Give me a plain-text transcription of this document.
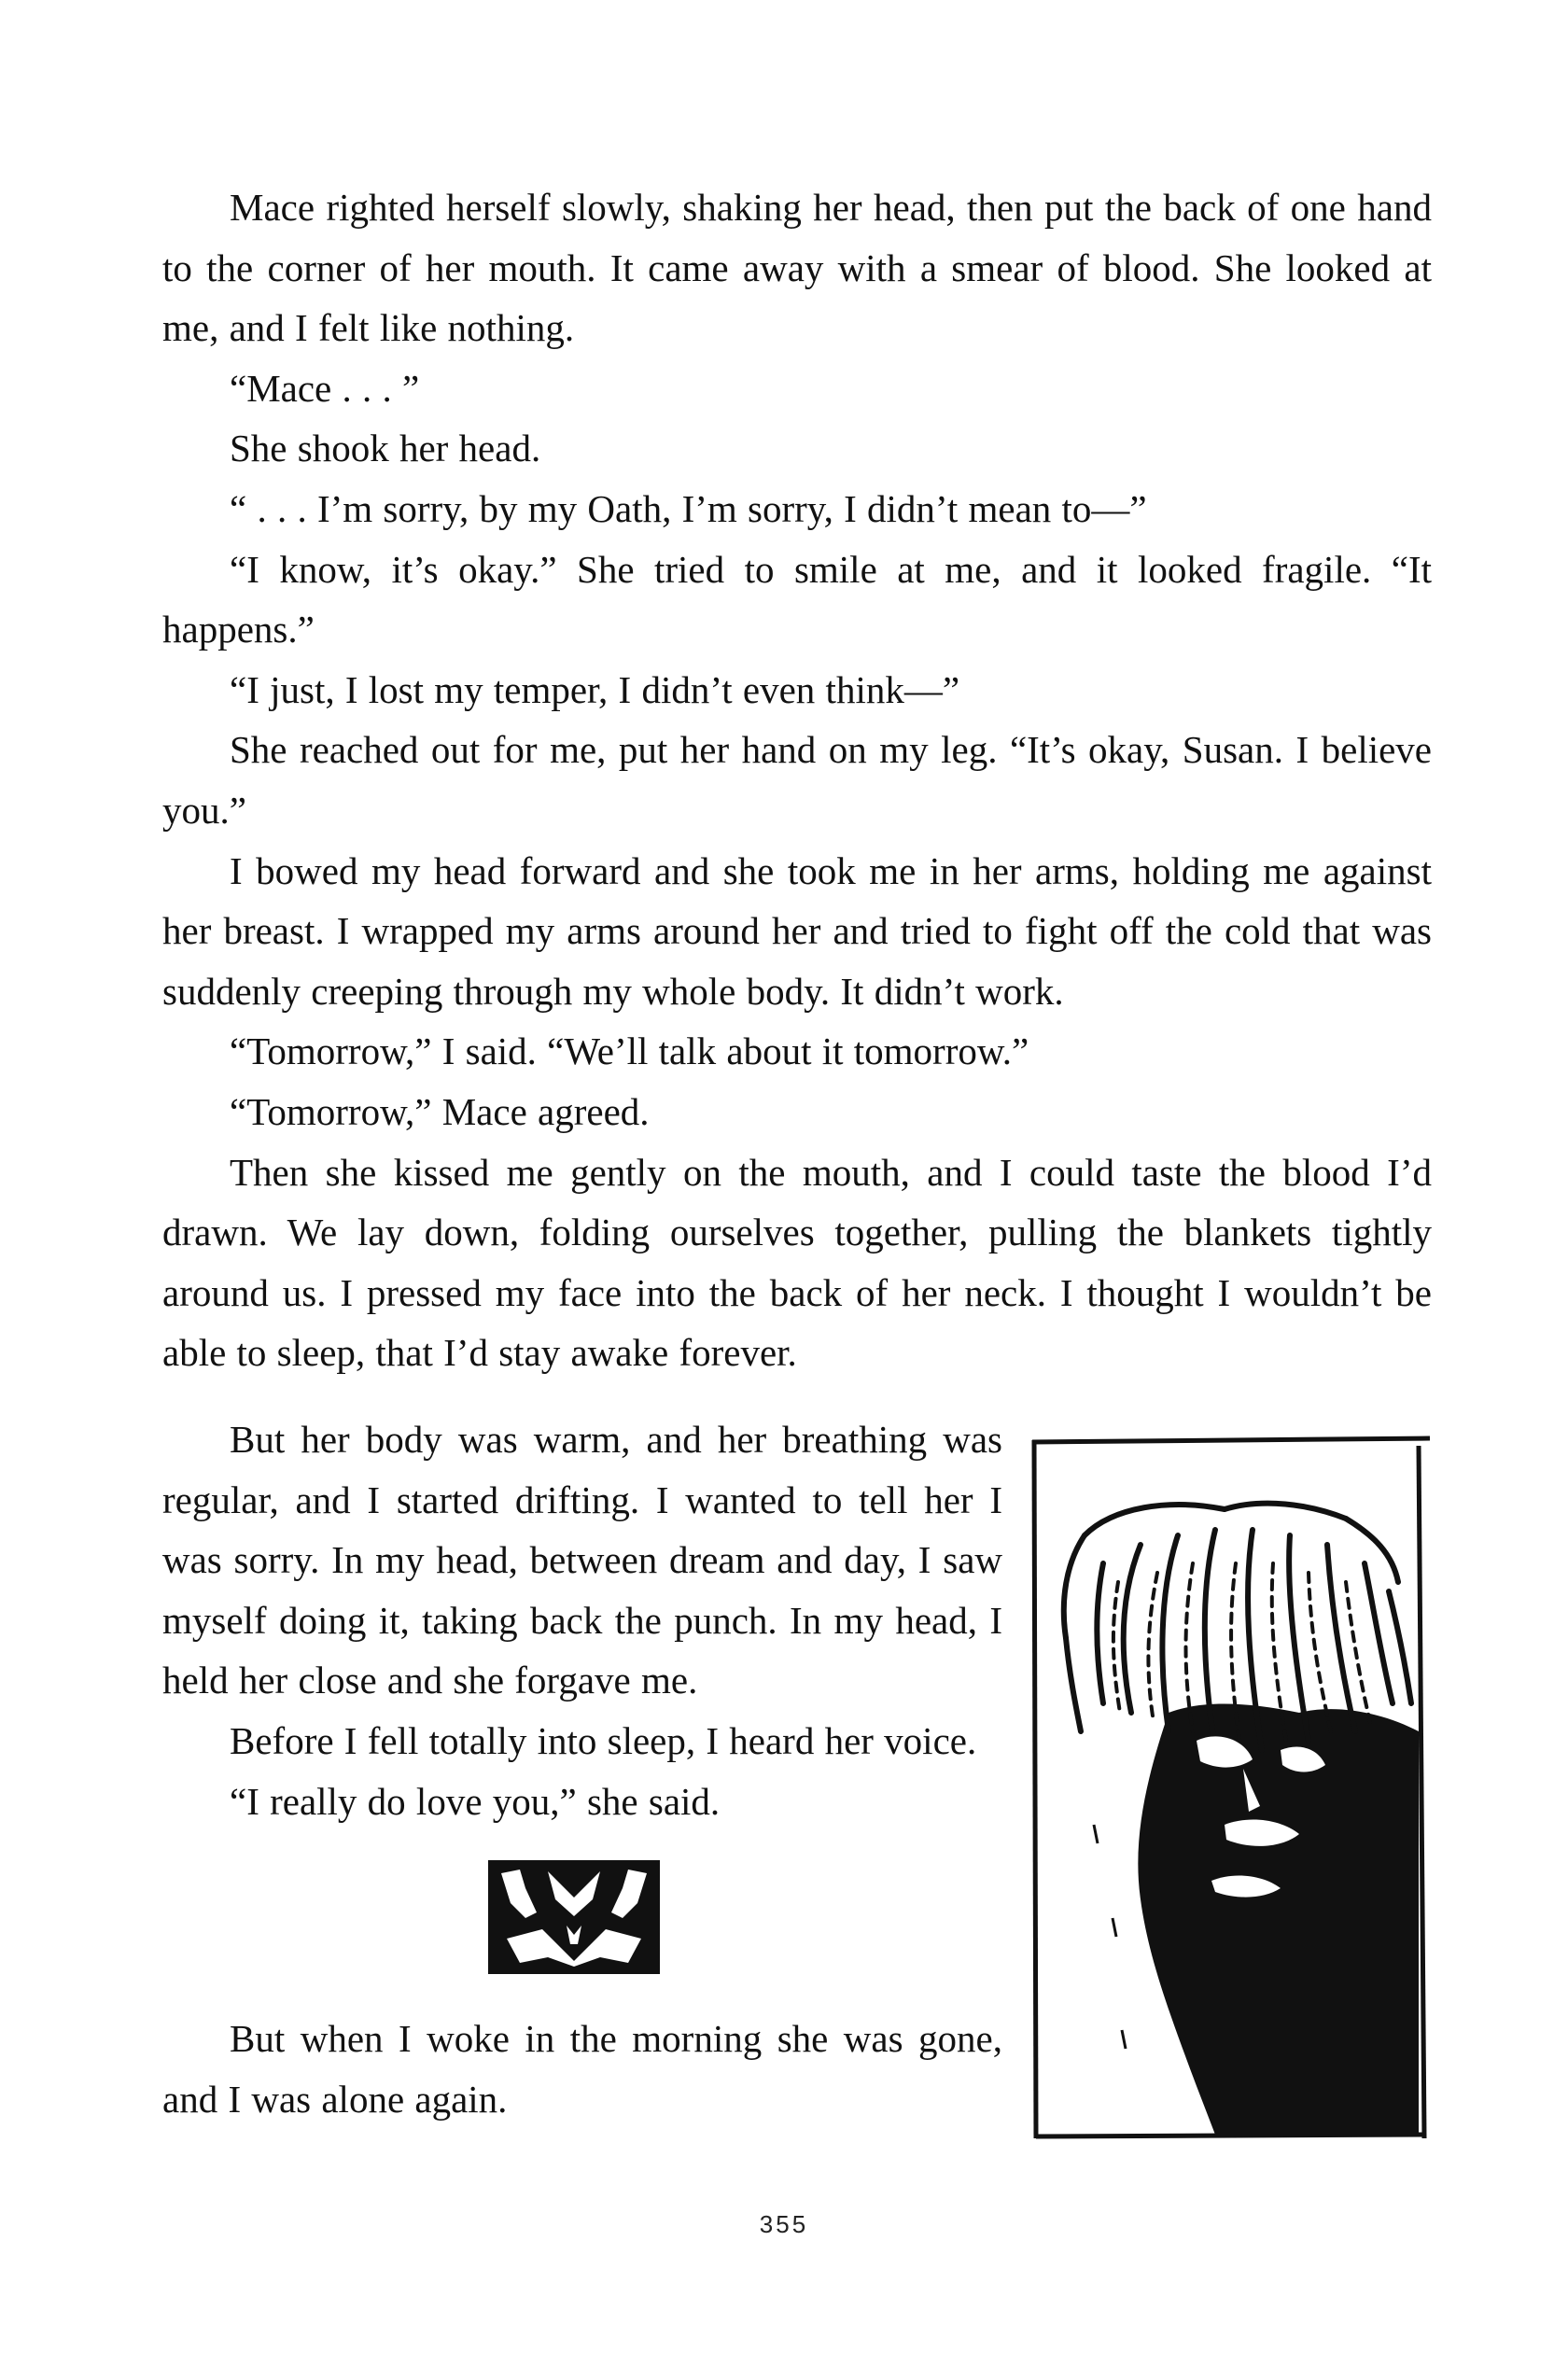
Mace righted herself slowly, shaking her head, then put the back of one hand to the corner of her mouth. It came away with a smear of blood. She looked at me, and I felt like nothing.

“Mace . . . ”

She shook her head.

“ . . . I’m sorry, by my Oath, I’m sorry, I didn’t mean to—”

“I know, it’s okay.” She tried to smile at me, and it looked fragile. “It happens.”

“I just, I lost my temper, I didn’t even think—”

She reached out for me, put her hand on my leg. “It’s okay, Susan. I believe you.”

I bowed my head forward and she took me in her arms, holding me against her breast. I wrapped my arms around her and tried to fight off the cold that was suddenly creeping through my whole body. It didn’t work.

“Tomorrow,” I said. “We’ll talk about it tomorrow.”

“Tomorrow,” Mace agreed.

Then she kissed me gently on the mouth, and I could taste the blood I’d drawn. We lay down, folding ourselves together, pulling the blankets tightly around us. I pressed my face into the back of her neck. I thought I wouldn’t be able to sleep, that I’d stay awake forever.

But her body was warm, and her breathing was regular, and I started drifting. I wanted to tell her I was sorry. In my head, between dream and day, I saw myself doing it, taking back the punch. In my head, I held her close and she forgave me.

Before I fell totally into sleep, I heard her voice.

“I really do love you,” she said.

But when I woke in the morning she was gone, and I was alone again.

355
